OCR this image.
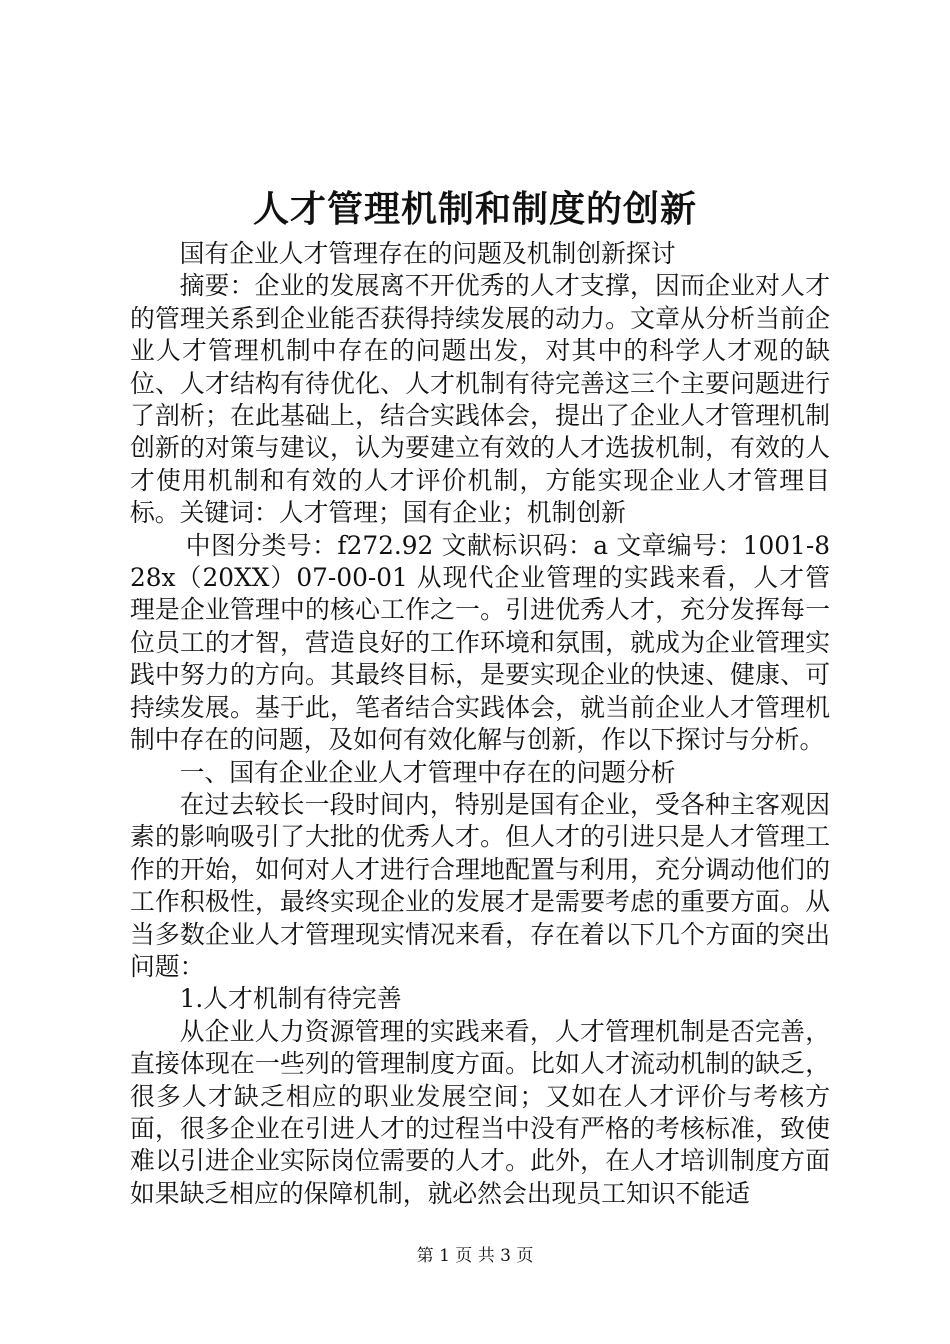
人才管理机制和制度的创新

国有企业人才管理存在的问题及机制创新探讨

摘要：企业的发展离不开优秀的人才支撑，因而企业对人才的管理关系到企业能否获得持续发展的动力。文章从分析当前企业人才管理机制中存在的问题出发，对其中的科学人才观的缺位、人才结构有待优化、人才机制有待完善这三个主要问题进行了剖析；在此基础上，结合实践体会，提出了企业人才管理机制创新的对策与建议，认为要建立有效的人才选拔机制，有效的人才使用机制和有效的人才评价机制，方能实现企业人才管理目标。关键词：人才管理；国有企业；机制创新

中图分类号：f272.92 文献标识码：a 文章编号：1001-828x（20XX）07-00-01 从现代企业管理的实践来看，人才管理是企业管理中的核心工作之一。引进优秀人才，充分发挥每一位员工的才智，营造良好的工作环境和氛围，就成为企业管理实践中努力的方向。其最终目标，是要实现企业的快速、健康、可持续发展。基于此，笔者结合实践体会，就当前企业人才管理机制中存在的问题，及如何有效化解与创新，作以下探讨与分析。

一、国有企业企业人才管理中存在的问题分析

在过去较长一段时间内，特别是国有企业，受各种主客观因素的影响吸引了大批的优秀人才。但人才的引进只是人才管理工作的开始，如何对人才进行合理地配置与利用，充分调动他们的工作积极性，最终实现企业的发展才是需要考虑的重要方面。从当多数企业人才管理现实情况来看，存在着以下几个方面的突出问题：

1.人才机制有待完善

从企业人力资源管理的实践来看，人才管理机制是否完善，直接体现在一些列的管理制度方面。比如人才流动机制的缺乏，很多人才缺乏相应的职业发展空间；又如在人才评价与考核方面，很多企业在引进人才的过程当中没有严格的考核标准，致使难以引进企业实际岗位需要的人才。此外，在人才培训制度方面如果缺乏相应的保障机制，就必然会出现员工知识不能适

第 1 页 共 3 页
